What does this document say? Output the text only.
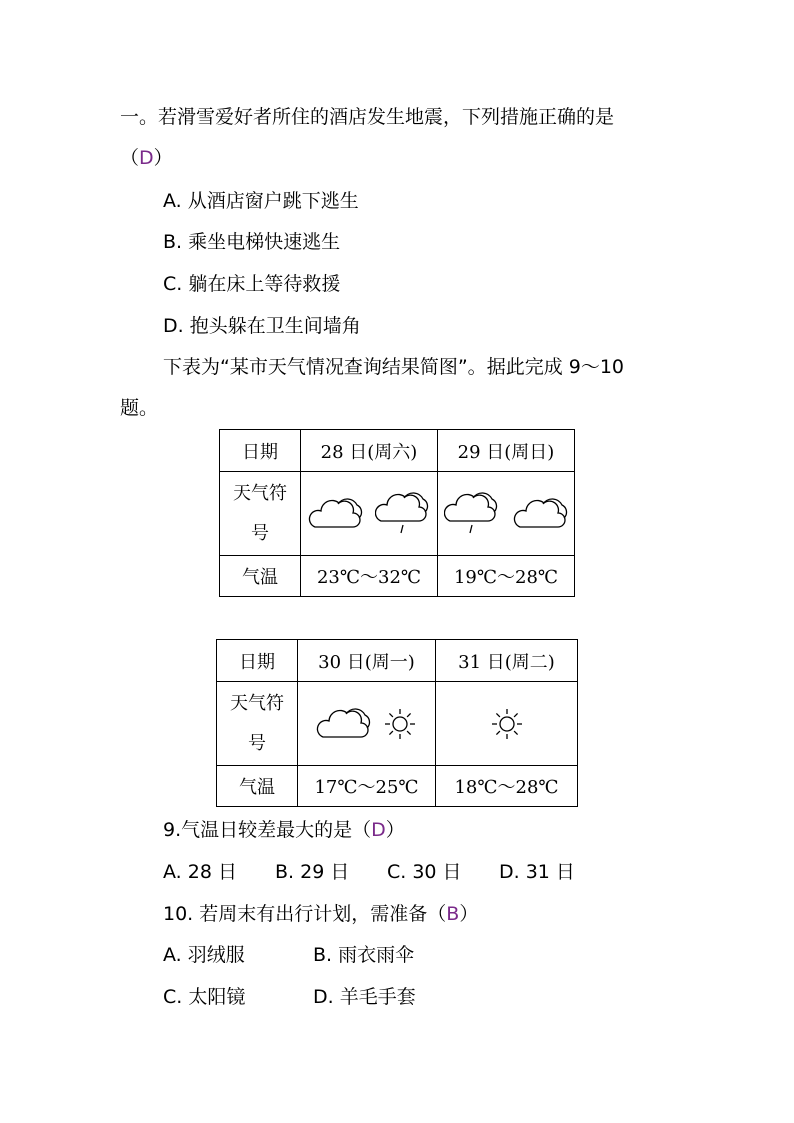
一。若滑雪爱好者所住的酒店发生地震，下列措施正确的是
（D）
A. 从酒店窗户跳下逃生
B. 乘坐电梯快速逃生
C. 躺在床上等待救援
D. 抱头躲在卫生间墙角
下表为“某市天气情况查询结果简图”。据此完成 9～10
题。
日期	28 日(周六)	29 日(周日)

天气符
号

气温	23℃～32℃	19℃～28℃
日期	30 日(周一)	31 日(周二)

天气符
号

气温	17℃～25℃	18℃～28℃
9.气温日较差最大的是（D）
A. 28 日 B. 29 日 C. 30 日 D. 31 日
10. 若周末有出行计划，需准备（B）
A. 羽绒服	B. 雨衣雨伞
C. 太阳镜	D. 羊毛手套
